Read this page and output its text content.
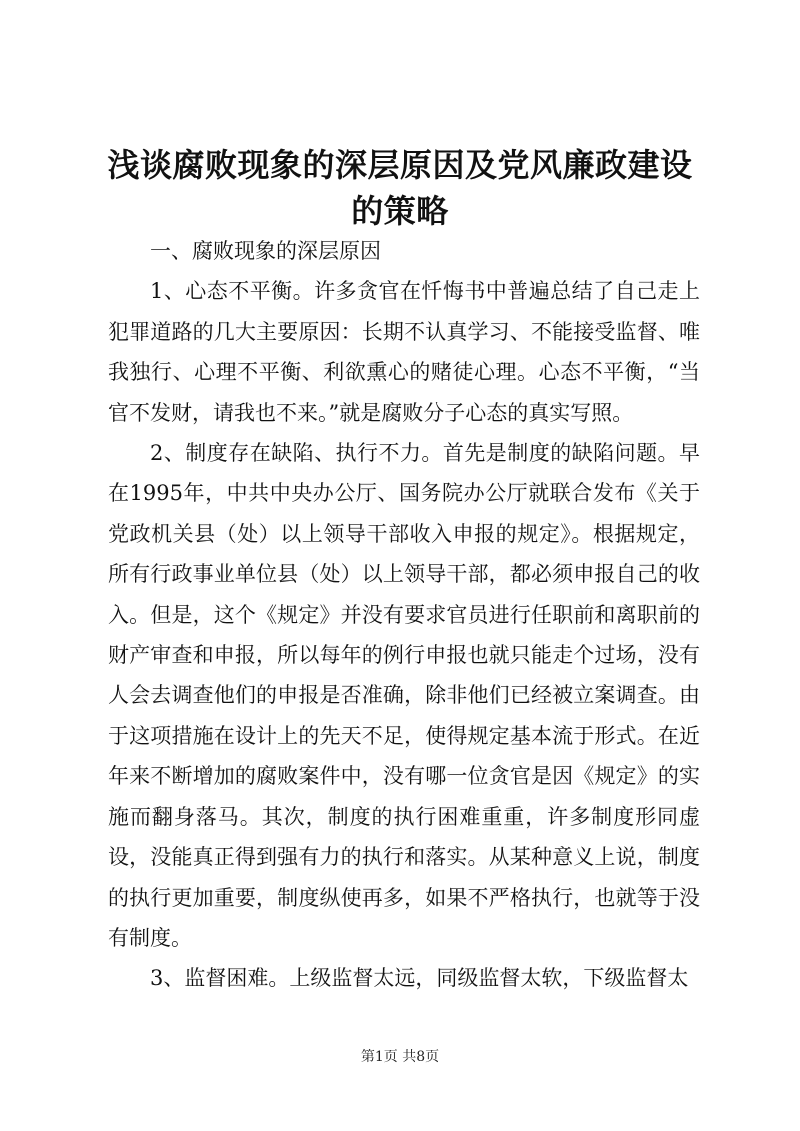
浅谈腐败现象的深层原因及党风廉政建设的策略

一、腐败现象的深层原因

1、心态不平衡。许多贪官在忏悔书中普遍总结了自己走上犯罪道路的几大主要原因：长期不认真学习、不能接受监督、唯我独行、心理不平衡、利欲熏心的赌徒心理。心态不平衡，“当官不发财，请我也不来。”就是腐败分子心态的真实写照。

2、制度存在缺陷、执行不力。首先是制度的缺陷问题。早在1995年，中共中央办公厅、国务院办公厅就联合发布《关于党政机关县（处）以上领导干部收入申报的规定》。根据规定，所有行政事业单位县（处）以上领导干部，都必须申报自己的收入。但是，这个《规定》并没有要求官员进行任职前和离职前的财产审查和申报，所以每年的例行申报也就只能走个过场，没有人会去调查他们的申报是否准确，除非他们已经被立案调查。由于这项措施在设计上的先天不足，使得规定基本流于形式。在近年来不断增加的腐败案件中，没有哪一位贪官是因《规定》的实施而翻身落马。其次，制度的执行困难重重，许多制度形同虚设，没能真正得到强有力的执行和落实。从某种意义上说，制度的执行更加重要，制度纵使再多，如果不严格执行，也就等于没有制度。

3、监督困难。上级监督太远，同级监督太软，下级监督太

第1页 共8页
